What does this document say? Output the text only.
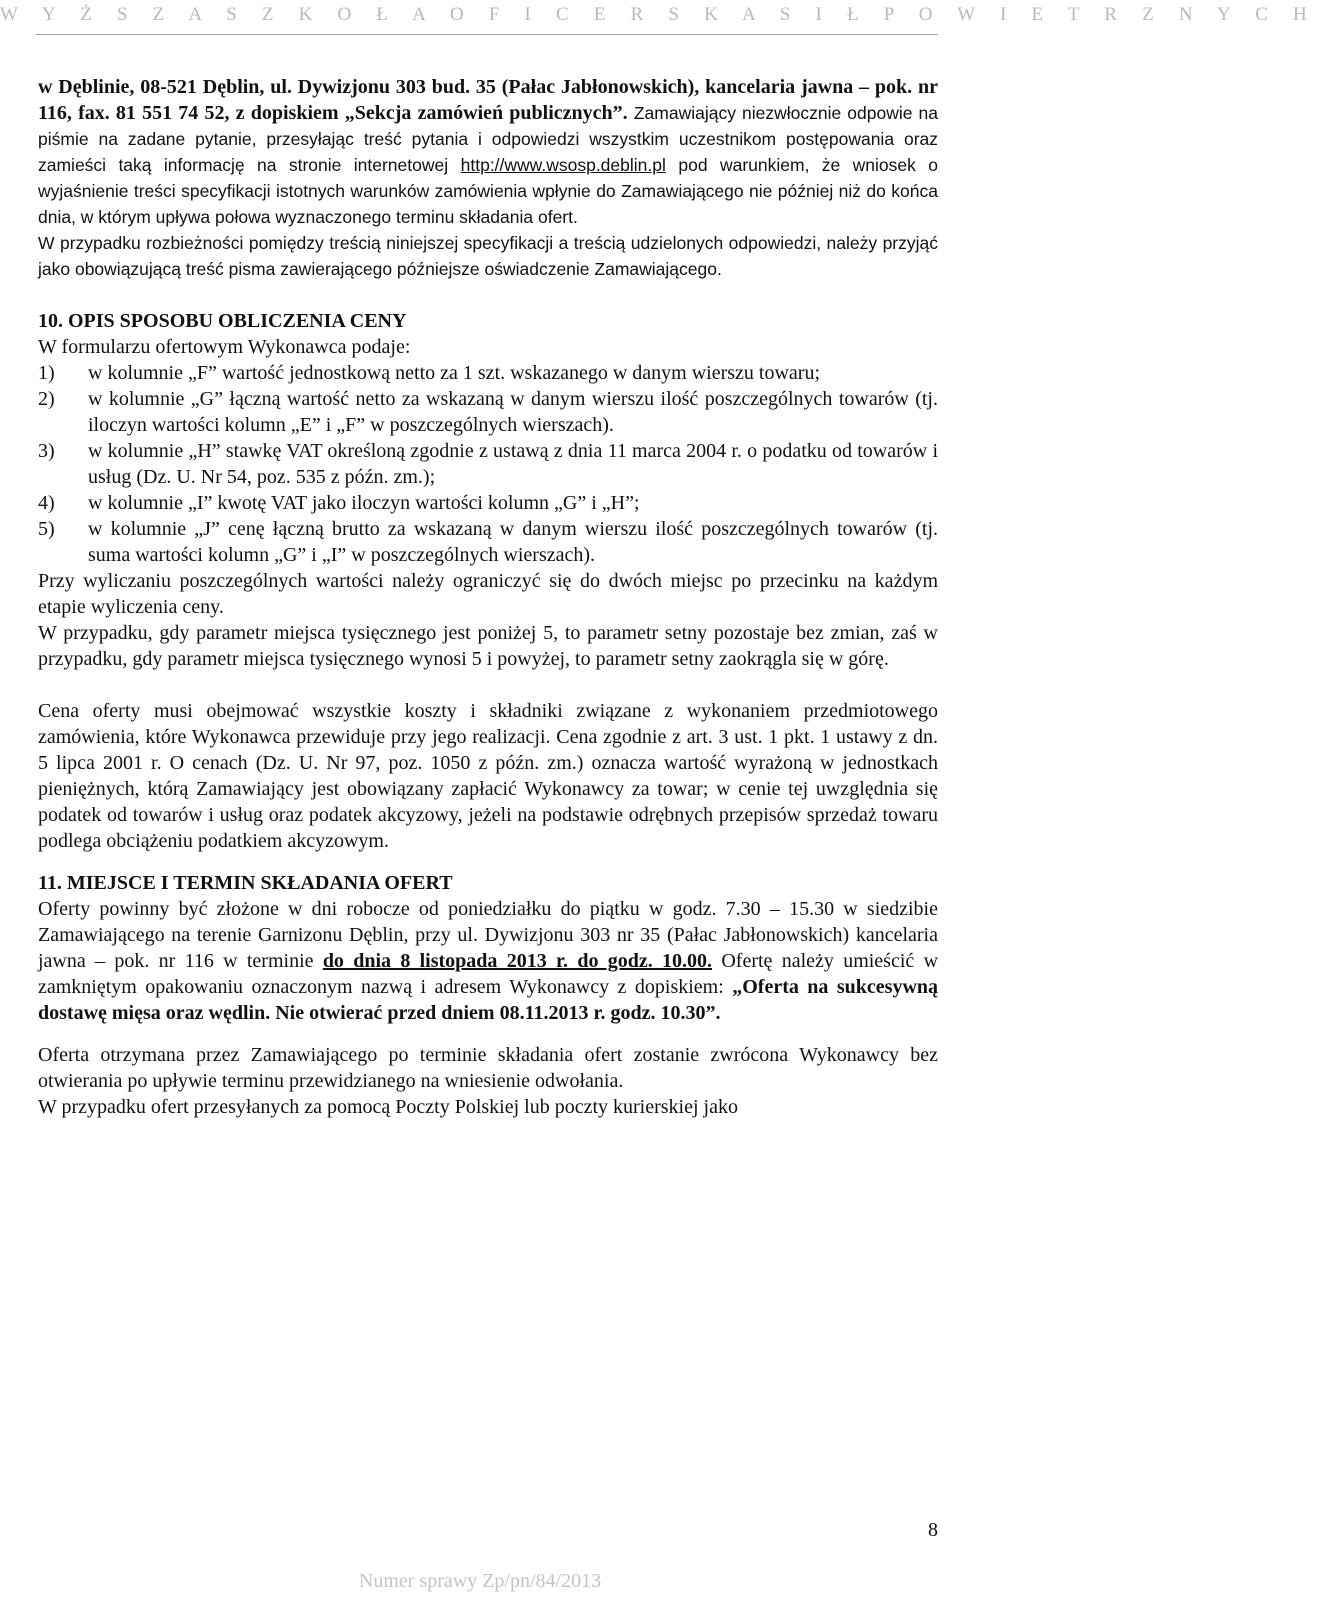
W Y Ż S Z A S Z K O Ł A O F I C E R S K A S I Ł P O W I E T R Z N Y C H

w Dęblinie, 08-521 Dęblin, ul. Dywizjonu 303 bud. 35 (Pałac Jabłonowskich), kancelaria jawna – pok. nr 116, fax. 81 551 74 52, z dopiskiem „Sekcja zamówień publicznych”. Zamawiający niezwłocznie odpowie na piśmie na zadane pytanie, przesyłając treść pytania i odpowiedzi wszystkim uczestnikom postępowania oraz zamieści taką informację na stronie internetowej http://www.wsosp.deblin.pl pod warunkiem, że wniosek o wyjaśnienie treści specyfikacji istotnych warunków zamówienia wpłynie do Zamawiającego nie później niż do końca dnia, w którym upływa połowa wyznaczonego terminu składania ofert.

W przypadku rozbieżności pomiędzy treścią niniejszej specyfikacji a treścią udzielonych odpowiedzi, należy przyjąć jako obowiązującą treść pisma zawierającego późniejsze oświadczenie Zamawiającego.

10. OPIS SPOSOBU OBLICZENIA CENY

W formularzu ofertowym Wykonawca podaje:

1) w kolumnie „F” wartość jednostkową netto za 1 szt. wskazanego w danym wierszu towaru;
2) w kolumnie „G” łączną wartość netto za wskazaną w danym wierszu ilość poszczególnych towarów (tj. iloczyn wartości kolumn „E” i „F” w poszczególnych wierszach).
3) w kolumnie „H” stawkę VAT określoną zgodnie z ustawą z dnia 11 marca 2004 r. o podatku od towarów i usług (Dz. U. Nr 54, poz. 535 z późn. zm.);
4) w kolumnie „I” kwotę VAT jako iloczyn wartości kolumn „G” i „H”;
5) w kolumnie „J” cenę łączną brutto za wskazaną w danym wierszu ilość poszczególnych towarów (tj. suma wartości kolumn „G” i „I” w poszczególnych wierszach).

Przy wyliczaniu poszczególnych wartości należy ograniczyć się do dwóch miejsc po przecinku na każdym etapie wyliczenia ceny.

W przypadku, gdy parametr miejsca tysięcznego jest poniżej 5, to parametr setny pozostaje bez zmian, zaś w przypadku, gdy parametr miejsca tysięcznego wynosi 5 i powyżej, to parametr setny zaokrągla się w górę.

Cena oferty musi obejmować wszystkie koszty i składniki związane z wykonaniem przedmiotowego zamówienia, które Wykonawca przewiduje przy jego realizacji. Cena zgodnie z art. 3 ust. 1 pkt. 1 ustawy z dn. 5 lipca 2001 r. O cenach (Dz. U. Nr 97, poz. 1050 z późn. zm.) oznacza wartość wyrażoną w jednostkach pieniężnych, którą Zamawiający jest obowiązany zapłacić Wykonawcy za towar; w cenie tej uwzględnia się podatek od towarów i usług oraz podatek akcyzowy, jeżeli na podstawie odrębnych przepisów sprzedaż towaru podlega obciążeniu podatkiem akcyzowym.

11. MIEJSCE I TERMIN SKŁADANIA OFERT

Oferty powinny być złożone w dni robocze od poniedziałku do piątku w godz. 7.30 – 15.30 w siedzibie Zamawiającego na terenie Garnizonu Dęblin, przy ul. Dywizjonu 303 nr 35 (Pałac Jabłonowskich) kancelaria jawna – pok. nr 116 w terminie do dnia 8 listopada 2013 r. do godz. 10.00. Ofertę należy umieścić w zamkniętym opakowaniu oznaczonym nazwą i adresem Wykonawcy z dopiskiem: „Oferta na sukcesywną dostawę mięsa oraz wędlin. Nie otwierać przed dniem 08.11.2013 r. godz. 10.30”.

Oferta otrzymana przez Zamawiającego po terminie składania ofert zostanie zwrócona Wykonawcy bez otwierania po upływie terminu przewidzianego na wniesienie odwołania.

W przypadku ofert przesyłanych za pomocą Poczty Polskiej lub poczty kurierskiej jako

8
Numer sprawy Zp/pn/84/2013
